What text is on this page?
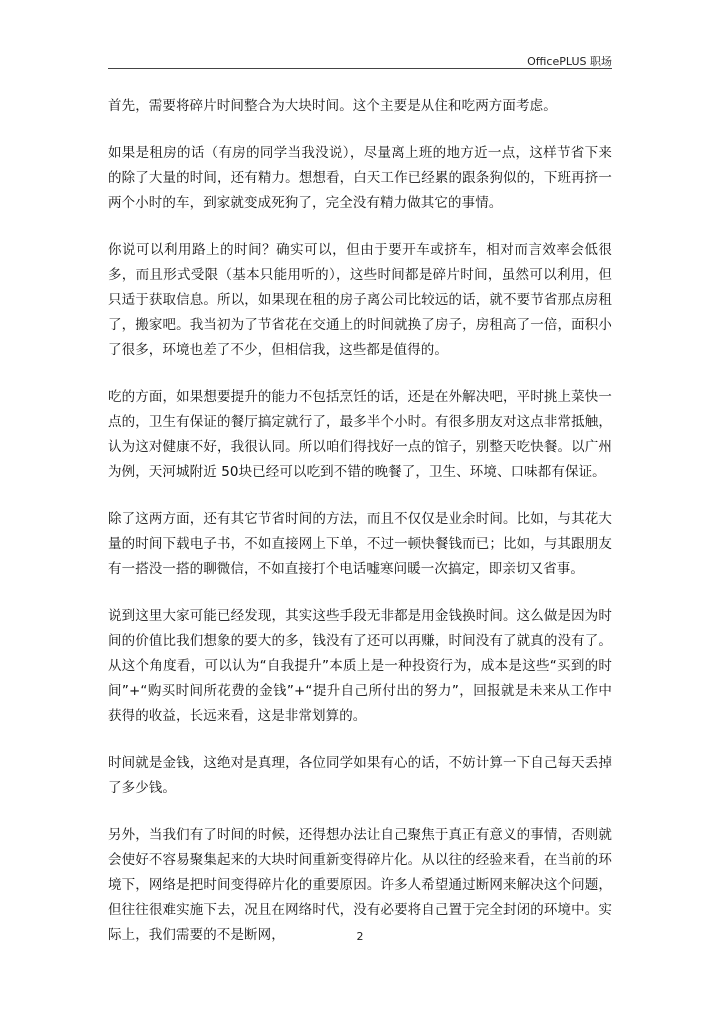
OfficePLUS 职场

首先，需要将碎片时间整合为大块时间。这个主要是从住和吃两方面考虑。

如果是租房的话（有房的同学当我没说），尽量离上班的地方近一点，这样节省下来的除了大量的时间，还有精力。想想看，白天工作已经累的跟条狗似的，下班再挤一两个小时的车，到家就变成死狗了，完全没有精力做其它的事情。

你说可以利用路上的时间？确实可以，但由于要开车或挤车，相对而言效率会低很多，而且形式受限（基本只能用听的），这些时间都是碎片时间，虽然可以利用，但只适于获取信息。所以，如果现在租的房子离公司比较远的话，就不要节省那点房租了，搬家吧。我当初为了节省花在交通上的时间就换了房子，房租高了一倍，面积小了很多，环境也差了不少，但相信我，这些都是值得的。

吃的方面，如果想要提升的能力不包括烹饪的话，还是在外解决吧，平时挑上菜快一点的，卫生有保证的餐厅搞定就行了，最多半个小时。有很多朋友对这点非常抵触，认为这对健康不好，我很认同。所以咱们得找好一点的馆子，别整天吃快餐。以广州为例，天河城附近 50块已经可以吃到不错的晚餐了，卫生、环境、口味都有保证。

除了这两方面，还有其它节省时间的方法，而且不仅仅是业余时间。比如，与其花大量的时间下载电子书，不如直接网上下单，不过一顿快餐钱而已；比如，与其跟朋友有一搭没一搭的聊微信，不如直接打个电话嘘寒问暖一次搞定，即亲切又省事。

说到这里大家可能已经发现，其实这些手段无非都是用金钱换时间。这么做是因为时间的价值比我们想象的要大的多，钱没有了还可以再赚，时间没有了就真的没有了。从这个角度看，可以认为“自我提升”本质上是一种投资行为，成本是这些“买到的时间”+“购买时间所花费的金钱”+“提升自己所付出的努力”，回报就是未来从工作中获得的收益，长远来看，这是非常划算的。

时间就是金钱，这绝对是真理，各位同学如果有心的话，不妨计算一下自己每天丢掉了多少钱。

另外，当我们有了时间的时候，还得想办法让自己聚焦于真正有意义的事情，否则就会使好不容易聚集起来的大块时间重新变得碎片化。从以往的经验来看，在当前的环境下，网络是把时间变得碎片化的重要原因。许多人希望通过断网来解决这个问题，但往往很难实施下去，况且在网络时代，没有必要将自己置于完全封闭的环境中。实际上，我们需要的不是断网，	2
